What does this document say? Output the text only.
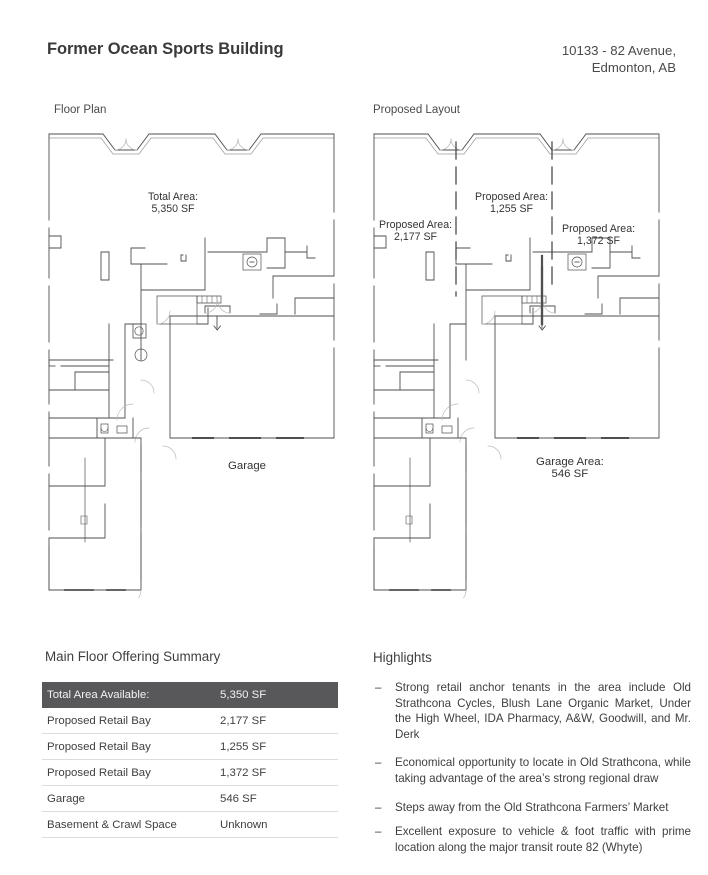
Former Ocean Sports Building	10133 - 82 Avenue,
Edmonton, AB
Floor Plan	Proposed Layout
Total Area:
5,350 SF
Garage
Proposed Area:
2,177 SF
Proposed Area:
1,255 SF
Proposed Area:
1,372 SF
Garage Area:
546 SF
Main Floor Offering Summary
Total Area Available:	5,350 SF
Proposed Retail Bay	2,177 SF
Proposed Retail Bay	1,255 SF
Proposed Retail Bay	1,372 SF
Garage	546 SF
Basement & Crawl Space	Unknown
Highlights
– Strong retail anchor tenants in the area include Old Strathcona Cycles, Blush Lane Organic Market, Under the High Wheel, IDA Pharmacy, A&W, Goodwill, and Mr. Derk
– Economical opportunity to locate in Old Strathcona, while taking advantage of the area’s strong regional draw
– Steps away from the Old Strathcona Farmers’ Market
– Excellent exposure to vehicle & foot traffic with prime location along the major transit route 82 (Whyte)
